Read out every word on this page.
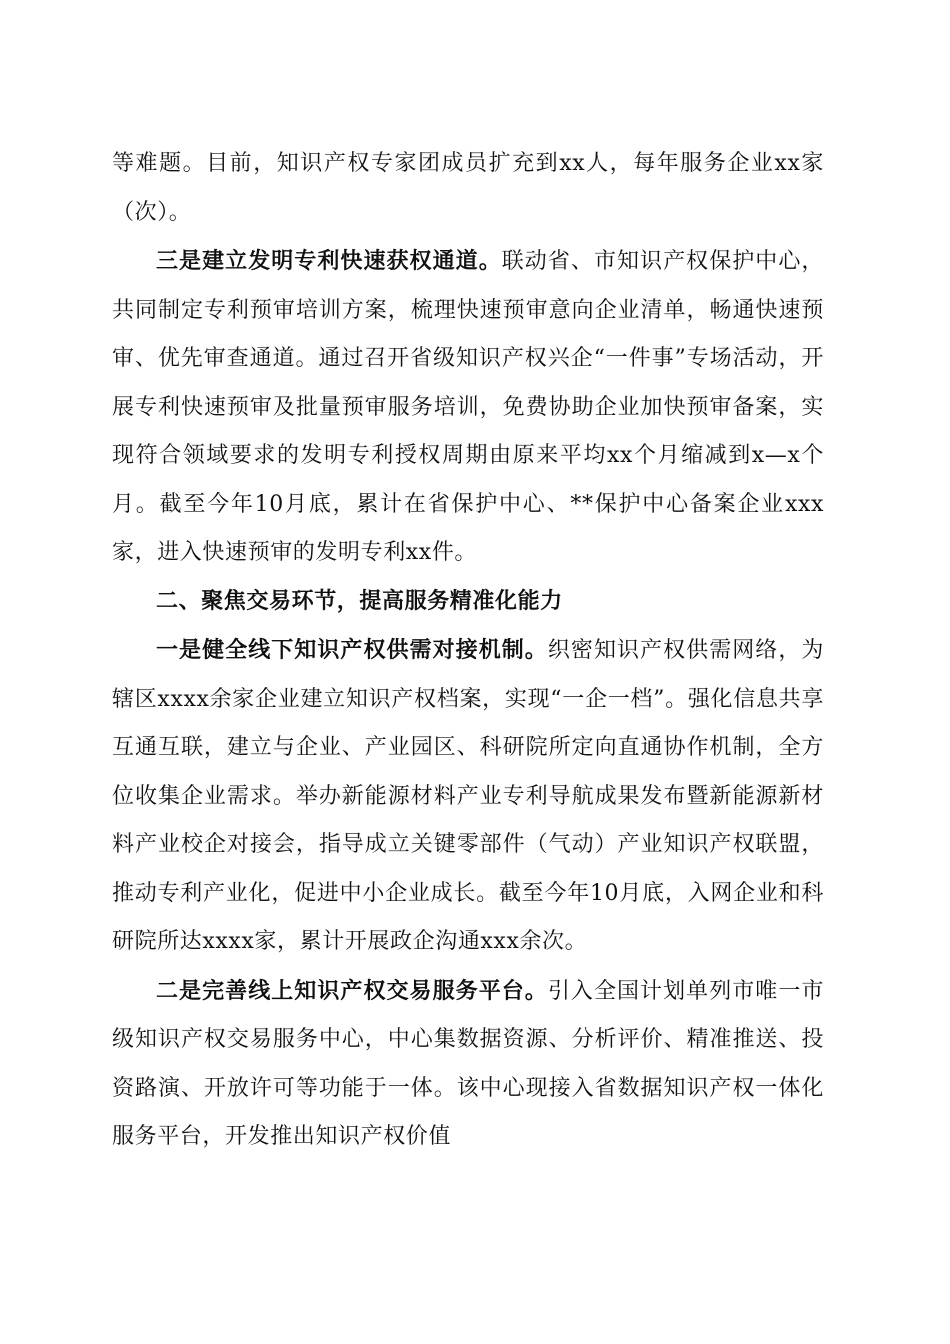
等难题。目前，知识产权专家团成员扩充到xx人，每年服务企业xx家（次）。

三是建立发明专利快速获权通道。联动省、市知识产权保护中心，共同制定专利预审培训方案，梳理快速预审意向企业清单，畅通快速预审、优先审查通道。通过召开省级知识产权兴企“一件事”专场活动，开展专利快速预审及批量预审服务培训，免费协助企业加快预审备案，实现符合领域要求的发明专利授权周期由原来平均xx个月缩减到x—x个月。截至今年10月底，累计在省保护中心、**保护中心备案企业xxx家，进入快速预审的发明专利xx件。

二、聚焦交易环节，提高服务精准化能力

一是健全线下知识产权供需对接机制。织密知识产权供需网络，为辖区xxxx余家企业建立知识产权档案，实现“一企一档”。强化信息共享互通互联，建立与企业、产业园区、科研院所定向直通协作机制，全方位收集企业需求。举办新能源材料产业专利导航成果发布暨新能源新材料产业校企对接会，指导成立关键零部件（气动）产业知识产权联盟，推动专利产业化，促进中小企业成长。截至今年10月底，入网企业和科研院所达xxxx家，累计开展政企沟通xxx余次。

二是完善线上知识产权交易服务平台。引入全国计划单列市唯一市级知识产权交易服务中心，中心集数据资源、分析评价、精准推送、投资路演、开放许可等功能于一体。该中心现接入省数据知识产权一体化服务平台，开发推出知识产权价值
